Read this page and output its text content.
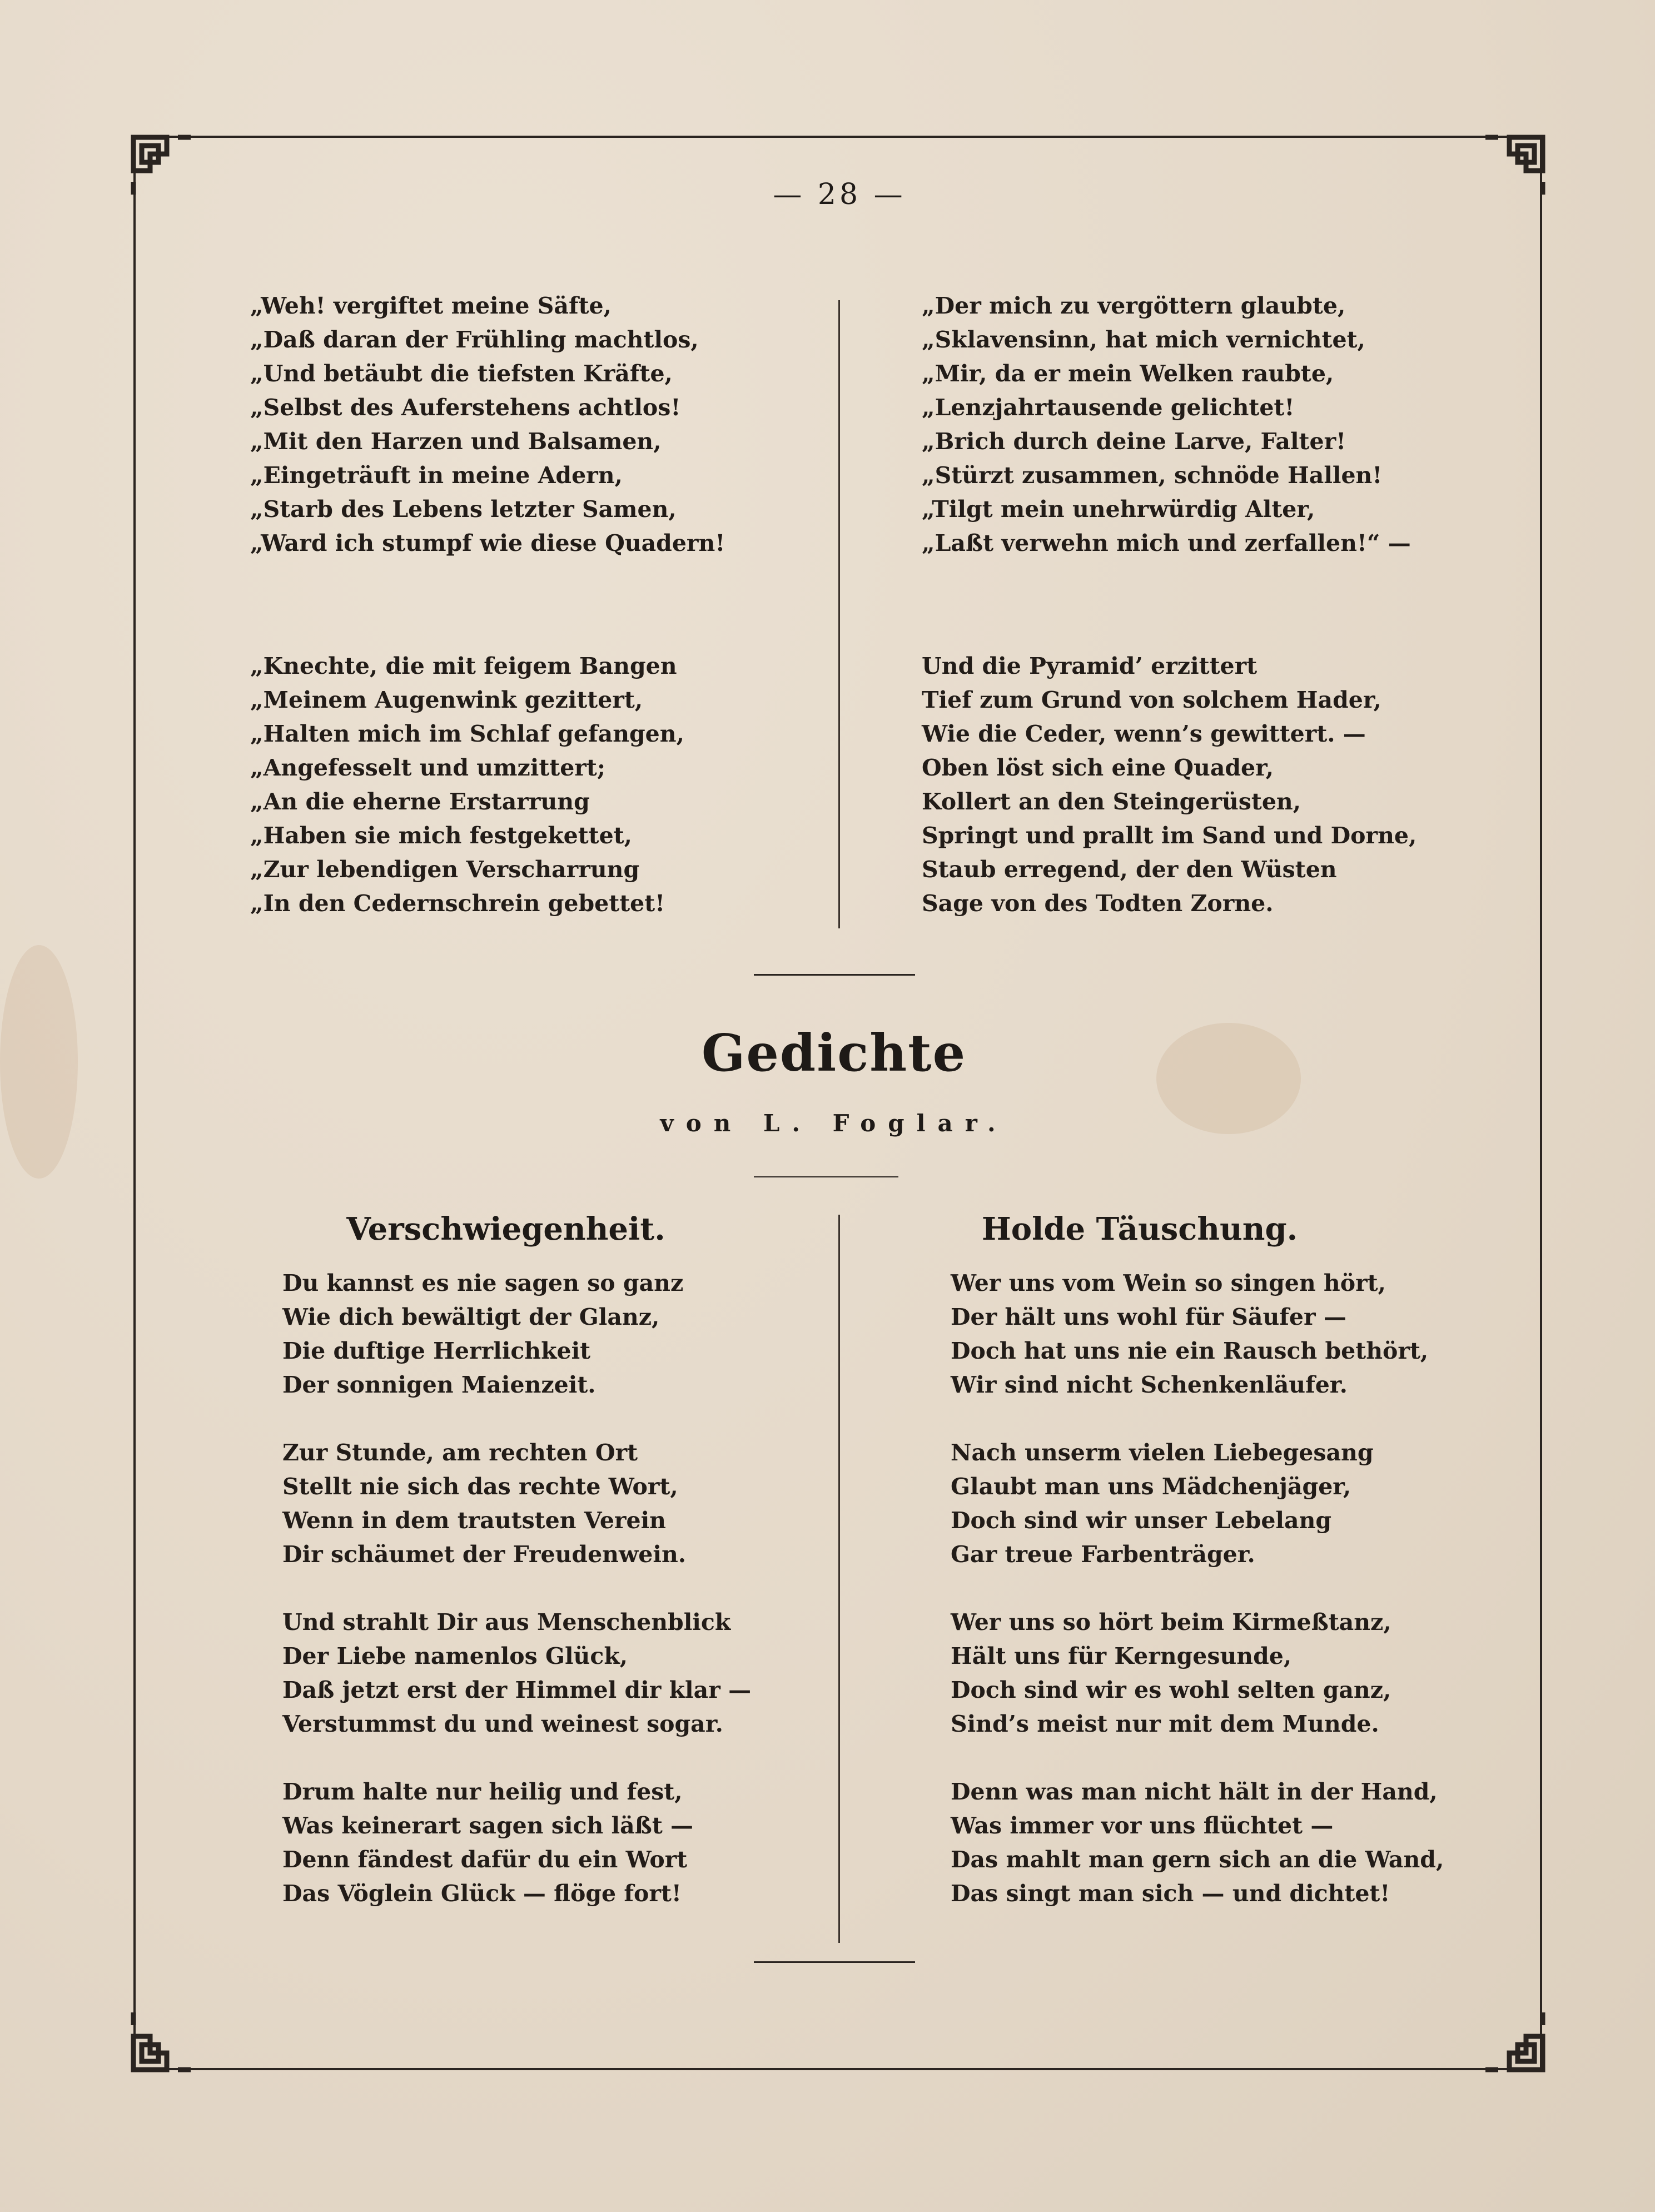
— 28 —
„Weh! vergiftet meine Säfte,
„Daß daran der Frühling machtlos,
„Und betäubt die tiefsten Kräfte,
„Selbst des Auferstehens achtlos!
„Mit den Harzen und Balsamen,
„Eingeträuft in meine Adern,
„Starb des Lebens letzter Samen,
„Ward ich stumpf wie diese Quadern!
„Knechte, die mit feigem Bangen
„Meinem Augenwink gezittert,
„Halten mich im Schlaf gefangen,
„Angefesselt und umzittert;
„An die eherne Erstarrung
„Haben sie mich festgekettet,
„Zur lebendigen Verscharrung
„In den Cedernschrein gebettet!
„Der mich zu vergöttern glaubte,
„Sklavensinn, hat mich vernichtet,
„Mir, da er mein Welken raubte,
„Lenzjahrtausende gelichtet!
„Brich durch deine Larve, Falter!
„Stürzt zusammen, schnöde Hallen!
„Tilgt mein unehrwürdig Alter,
„Laßt verwehn mich und zerfallen!“ —
Und die Pyramid’ erzittert
Tief zum Grund von solchem Hader,
Wie die Ceder, wenn’s gewittert. —
Oben löst sich eine Quader,
Kollert an den Steingerüsten,
Springt und prallt im Sand und Dorne,
Staub erregend, der den Wüsten
Sage von des Todten Zorne.
Gedichte
von L. Foglar.
Verschwiegenheit.	Holde Täuschung.
Du kannst es nie sagen so ganz
Wie dich bewältigt der Glanz,
Die duftige Herrlichkeit
Der sonnigen Maienzeit.
Zur Stunde, am rechten Ort
Stellt nie sich das rechte Wort,
Wenn in dem trautsten Verein
Dir schäumet der Freudenwein.
Und strahlt Dir aus Menschenblick
Der Liebe namenlos Glück,
Daß jetzt erst der Himmel dir klar —
Verstummst du und weinest sogar.
Drum halte nur heilig und fest,
Was keinerart sagen sich läßt —
Denn fändest dafür du ein Wort
Das Vöglein Glück — flöge fort!
Wer uns vom Wein so singen hört,
Der hält uns wohl für Säufer —
Doch hat uns nie ein Rausch bethört,
Wir sind nicht Schenkenläufer.
Nach unserm vielen Liebegesang
Glaubt man uns Mädchenjäger,
Doch sind wir unser Lebelang
Gar treue Farbenträger.
Wer uns so hört beim Kirmeßtanz,
Hält uns für Kerngesunde,
Doch sind wir es wohl selten ganz,
Sind’s meist nur mit dem Munde.
Denn was man nicht hält in der Hand,
Was immer vor uns flüchtet —
Das mahlt man gern sich an die Wand,
Das singt man sich — und dichtet!
